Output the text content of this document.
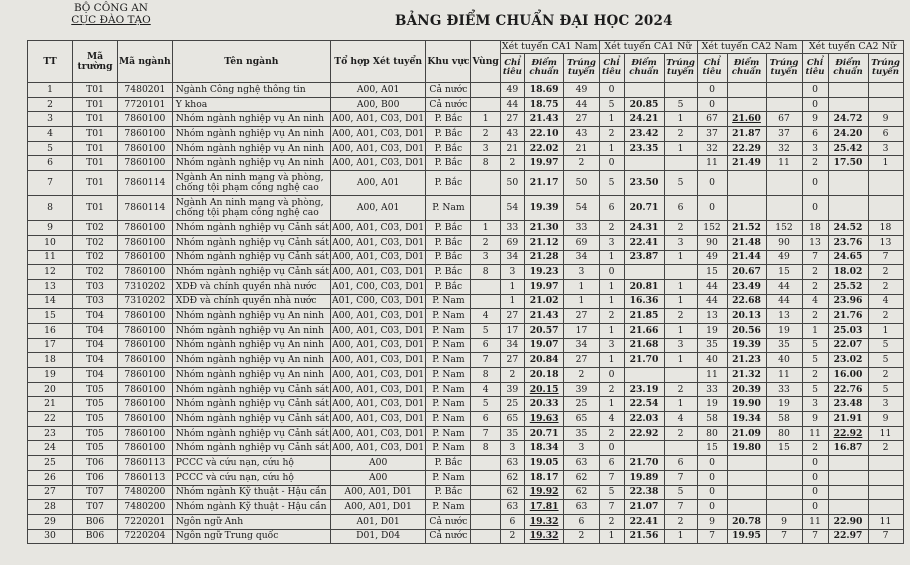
BỘ CÔNG AN
CỤC ĐÀO TẠO	BẢNG ĐIỂM CHUẨN ĐẠI HỌC 2024
TT	Mã trường	Mã ngành	Tên ngành	Tổ hợp Xét tuyển	Khu vực	Vùng	Xét tuyển CA1 Nam			Xét tuyển CA1 Nữ			Xét tuyển CA2 Nam			Xét tuyển CA2 Nữ		
							Chỉ tiêu	Điểm chuẩn	Trúng tuyển	Chỉ tiêu	Điểm chuẩn	Trúng tuyển	Chỉ tiêu	Điểm chuẩn	Trúng tuyển	Chỉ tiêu	Điểm chuẩn	Trúng tuyển
1	T01	7480201	Ngành Công nghệ thông tin	A00, A01	Cả nước		49	18.69	49	0			0			0		
2	T01	7720101	Y khoa	A00, B00	Cả nước		44	18.75	44	5	20.85	5	0			0		
3	T01	7860100	Nhóm ngành nghiệp vụ An ninh	A00, A01, C03, D01	P. Bắc	1	27	21.43	27	1	24.21	1	67	21.60	67	9	24.72	9
4	T01	7860100	Nhóm ngành nghiệp vụ An ninh	A00, A01, C03, D01	P. Bắc	2	43	22.10	43	2	23.42	2	37	21.87	37	6	24.20	6
5	T01	7860100	Nhóm ngành nghiệp vụ An ninh	A00, A01, C03, D01	P. Bắc	3	21	22.02	21	1	23.35	1	32	22.29	32	3	25.42	3
6	T01	7860100	Nhóm ngành nghiệp vụ An ninh	A00, A01, C03, D01	P. Bắc	8	2	19.97	2	0			11	21.49	11	2	17.50	1
7	T01	7860114	Ngành An ninh mạng và phòng, chống tội phạm công nghệ cao	A00, A01	P. Bắc		50	21.17	50	5	23.50	5	0			0		
8	T01	7860114	Ngành An ninh mạng và phòng, chống tội phạm công nghệ cao	A00, A01	P. Nam		54	19.39	54	6	20.71	6	0			0		
9	T02	7860100	Nhóm ngành nghiệp vụ Cảnh sát	A00, A01, C03, D01	P. Bắc	1	33	21.30	33	2	24.31	2	152	21.52	152	18	24.52	18
10	T02	7860100	Nhóm ngành nghiệp vụ Cảnh sát	A00, A01, C03, D01	P. Bắc	2	69	21.12	69	3	22.41	3	90	21.48	90	13	23.76	13
11	T02	7860100	Nhóm ngành nghiệp vụ Cảnh sát	A00, A01, C03, D01	P. Bắc	3	34	21.28	34	1	23.87	1	49	21.44	49	7	24.65	7
12	T02	7860100	Nhóm ngành nghiệp vụ Cảnh sát	A00, A01, C03, D01	P. Bắc	8	3	19.23	3	0			15	20.67	15	2	18.02	2
13	T03	7310202	XDĐ và chính quyền nhà nước	A01, C00, C03, D01	P. Bắc		1	19.97	1	1	20.81	1	44	23.49	44	2	25.52	2
14	T03	7310202	XDĐ và chính quyền nhà nước	A01, C00, C03, D01	P. Nam		1	21.02	1	1	16.36	1	44	22.68	44	4	23.96	4
15	T04	7860100	Nhóm ngành nghiệp vụ An ninh	A00, A01, C03, D01	P. Nam	4	27	21.43	27	2	21.85	2	13	20.13	13	2	21.76	2
16	T04	7860100	Nhóm ngành nghiệp vụ An ninh	A00, A01, C03, D01	P. Nam	5	17	20.57	17	1	21.66	1	19	20.56	19	1	25.03	1
17	T04	7860100	Nhóm ngành nghiệp vụ An ninh	A00, A01, C03, D01	P. Nam	6	34	19.07	34	3	21.68	3	35	19.39	35	5	22.07	5
18	T04	7860100	Nhóm ngành nghiệp vụ An ninh	A00, A01, C03, D01	P. Nam	7	27	20.84	27	1	21.70	1	40	21.23	40	5	23.02	5
19	T04	7860100	Nhóm ngành nghiệp vụ An ninh	A00, A01, C03, D01	P. Nam	8	2	20.18	2	0			11	21.32	11	2	16.00	2
20	T05	7860100	Nhóm ngành nghiệp vụ Cảnh sát	A00, A01, C03, D01	P. Nam	4	39	20.15	39	2	23.19	2	33	20.39	33	5	22.76	5
21	T05	7860100	Nhóm ngành nghiệp vụ Cảnh sát	A00, A01, C03, D01	P. Nam	5	25	20.33	25	1	22.54	1	19	19.90	19	3	23.48	3
22	T05	7860100	Nhóm ngành nghiệp vụ Cảnh sát	A00, A01, C03, D01	P. Nam	6	65	19.63	65	4	22.03	4	58	19.34	58	9	21.91	9
23	T05	7860100	Nhóm ngành nghiệp vụ Cảnh sát	A00, A01, C03, D01	P. Nam	7	35	20.71	35	2	22.92	2	80	21.09	80	11	22.92	11
24	T05	7860100	Nhóm ngành nghiệp vụ Cảnh sát	A00, A01, C03, D01	P. Nam	8	3	18.34	3	0			15	19.80	15	2	16.87	2
25	T06	7860113	PCCC và cứu nạn, cứu hộ	A00	P. Bắc		63	19.05	63	6	21.70	6	0			0		
26	T06	7860113	PCCC và cứu nạn, cứu hộ	A00	P. Nam		62	18.17	62	7	19.89	7	0			0		
27	T07	7480200	Nhóm ngành Kỹ thuật - Hậu cần	A00, A01, D01	P. Bắc		62	19.92	62	5	22.38	5	0			0		
28	T07	7480200	Nhóm ngành Kỹ thuật - Hậu cần	A00, A01, D01	P. Nam		63	17.81	63	7	21.07	7	0			0		
29	B06	7220201	Ngôn ngữ Anh	A01, D01	Cả nước		6	19.32	6	2	22.41	2	9	20.78	9	11	22.90	11
30	B06	7220204	Ngôn ngữ Trung quốc	D01, D04	Cả nước		2	19.32	2	1	21.56	1	7	19.95	7	7	22.97	7
